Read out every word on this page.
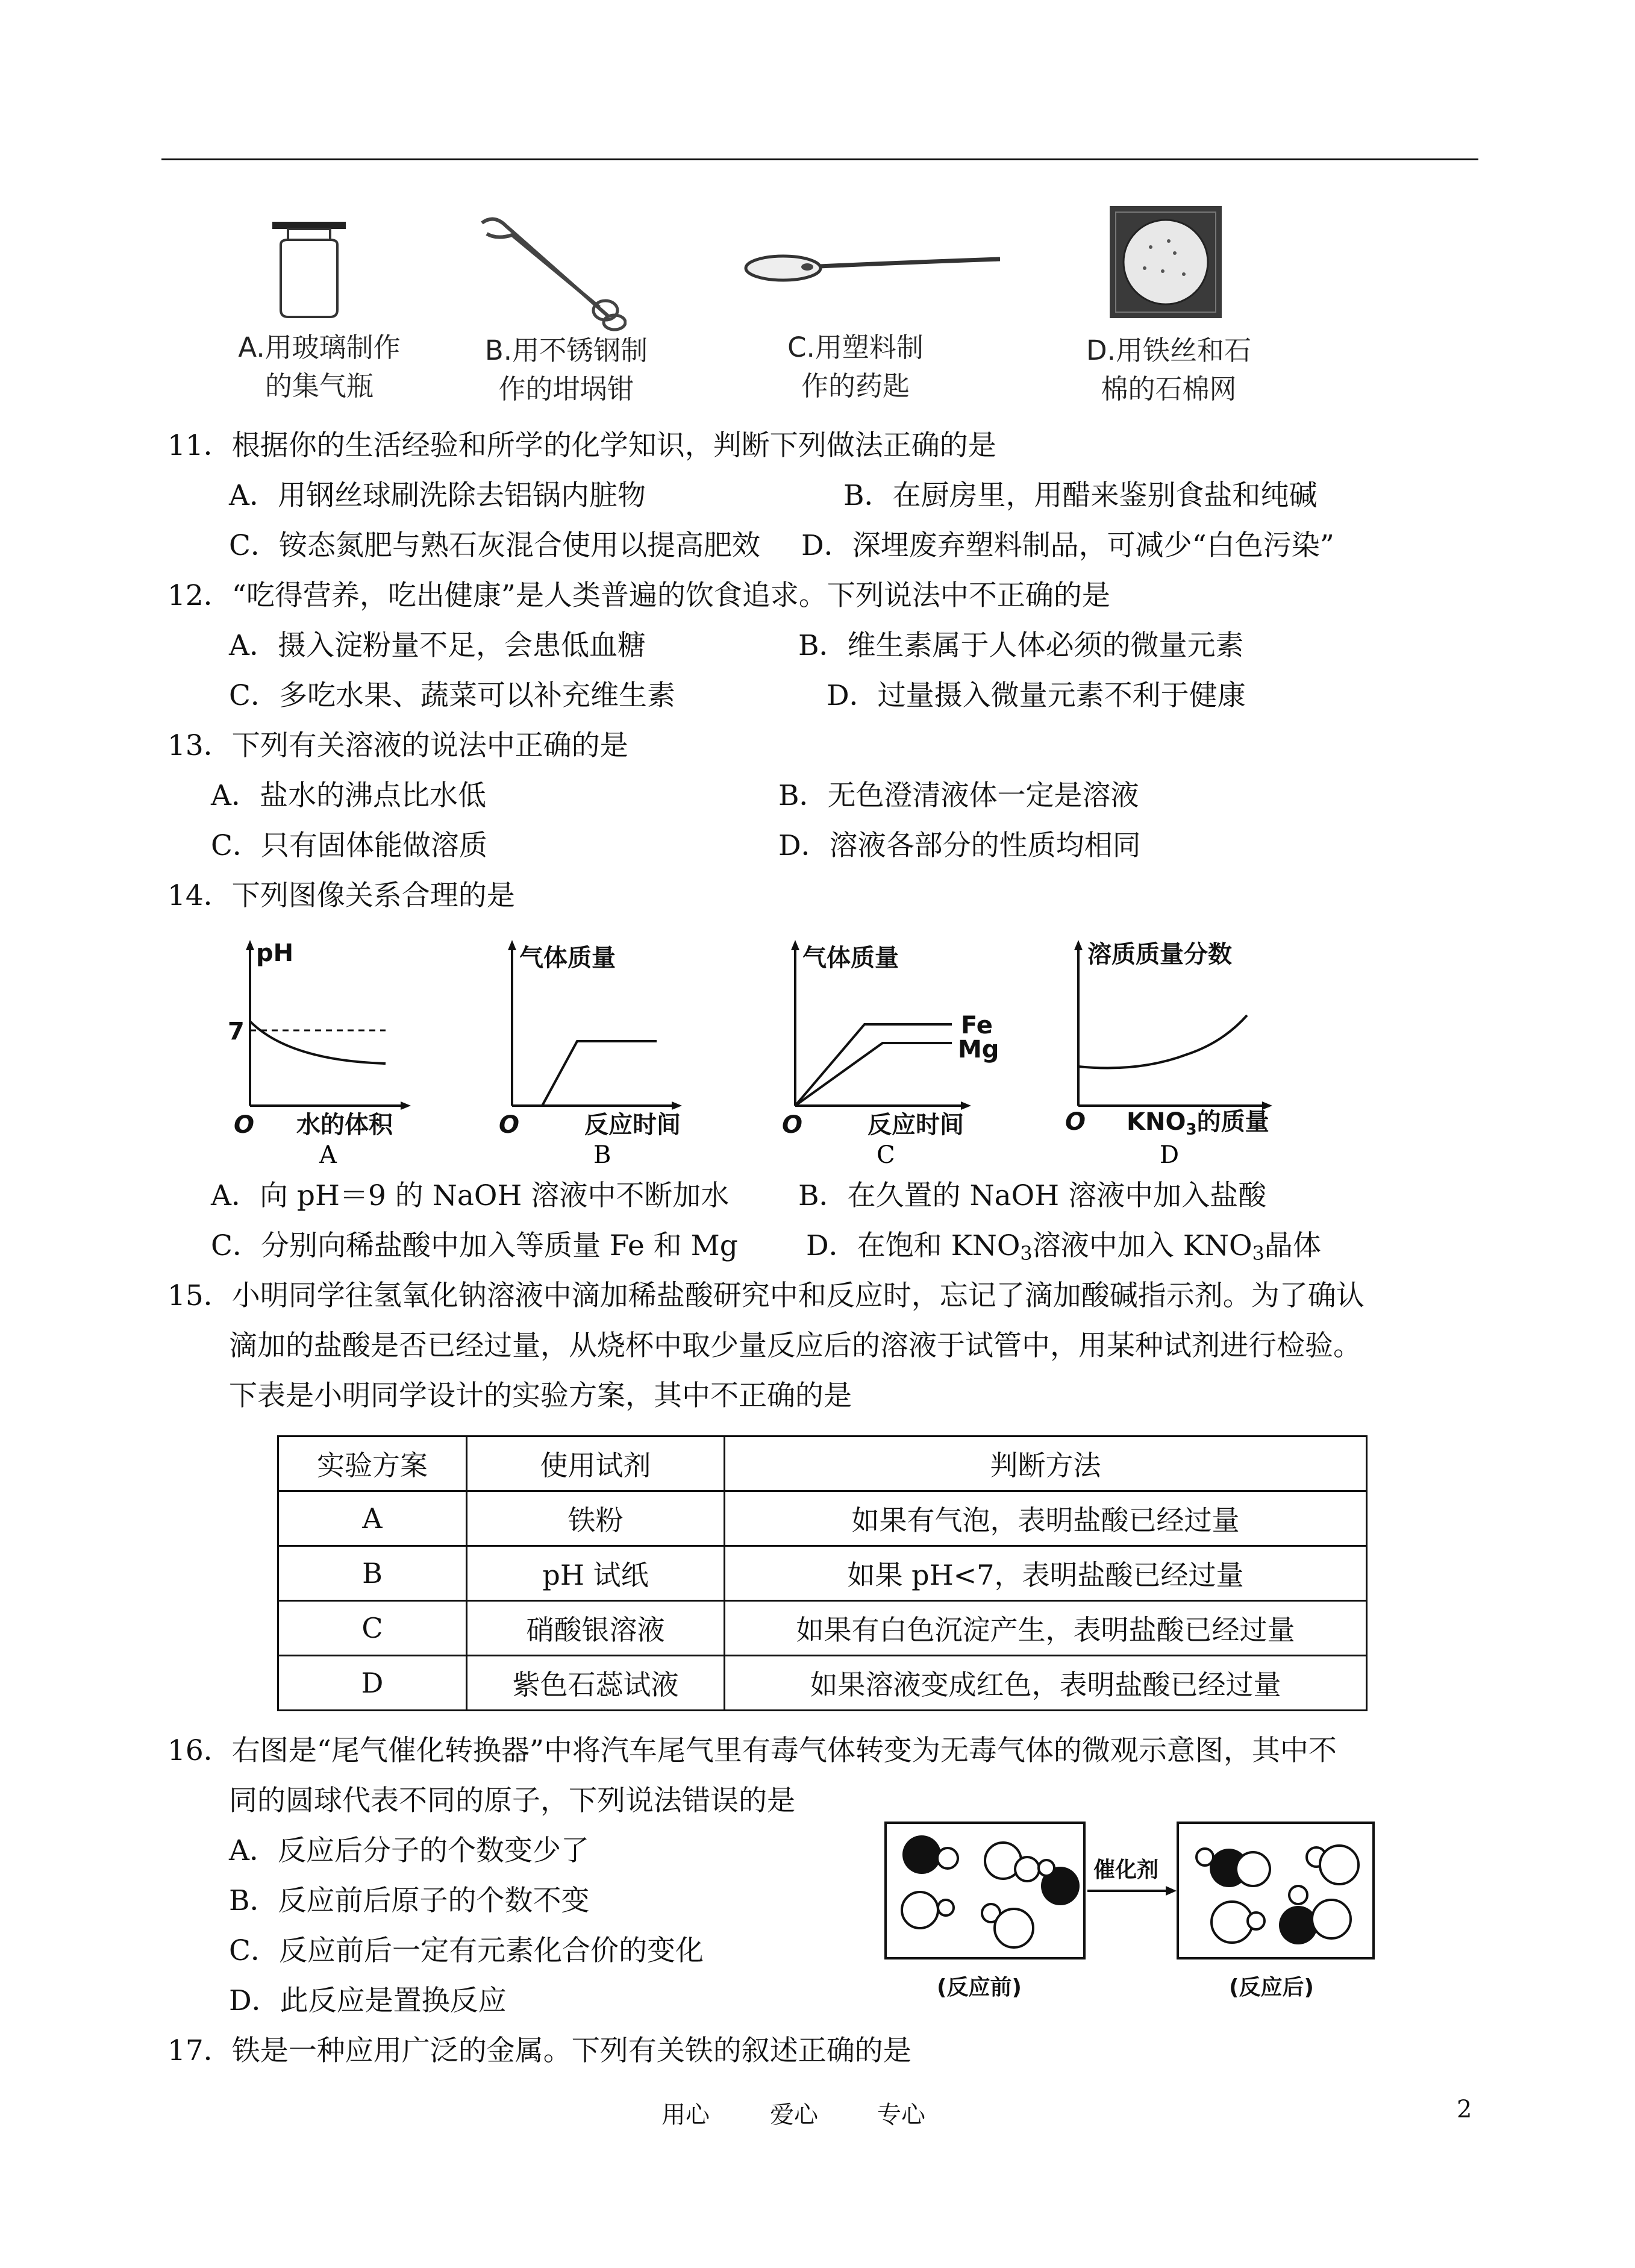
A.用玻璃制作
的集气瓶
B.用不锈钢制
作的坩埚钳
C.用塑料制
作的药匙
D.用铁丝和石
棉的石棉网
11．根据你的生活经验和所学的化学知识，判断下列做法正确的是
A．用钢丝球刷洗除去铝锅内脏物	B．在厨房里，用醋来鉴别食盐和纯碱
C．铵态氮肥与熟石灰混合使用以提高肥效 D．深埋废弃塑料制品，可减少“白色污染”
12．“吃得营养，吃出健康”是人类普遍的饮食追求。下列说法中不正确的是
A．摄入淀粉量不足，会患低血糖	B．维生素属于人体必须的微量元素
C．多吃水果、蔬菜可以补充维生素	D．过量摄入微量元素不利于健康
13．下列有关溶液的说法中正确的是
A．盐水的沸点比水低	B．无色澄清液体一定是溶液
C．只有固体能做溶质	D．溶液各部分的性质均相同
14．下列图像关系合理的是
pH
7
O 水的体积
A
气体质量
O	反应时间
B
气体质量
Fe
Mg
O	反应时间
C
溶质质量分数
O $KNO_3$的质量
D
A．向 pH＝9 的 NaOH 溶液中不断加水 B．在久置的 NaOH 溶液中加入盐酸
C．分别向稀盐酸中加入等质量 Fe 和 Mg D．在饱和 $KNO_3$溶液中加入 $KNO_3$晶体
15．小明同学往氢氧化钠溶液中滴加稀盐酸研究中和反应时，忘记了滴加酸碱指示剂。为了确认
滴加的盐酸是否已经过量，从烧杯中取少量反应后的溶液于试管中，用某种试剂进行检验。
下表是小明同学设计的实验方案，其中不正确的是
实验方案	使用试剂	判断方法
A	铁粉	如果有气泡，表明盐酸已经过量
B	pH 试纸	如果 pH<7，表明盐酸已经过量
C	硝酸银溶液	如果有白色沉淀产生，表明盐酸已经过量
D	紫色石蕊试液	如果溶液变成红色，表明盐酸已经过量
16．右图是“尾气催化转换器”中将汽车尾气里有毒气体转变为无毒气体的微观示意图，其中不
同的圆球代表不同的原子，下列说法错误的是
A．反应后分子的个数变少了
B．反应前后原子的个数不变
C．反应前后一定有元素化合价的变化
D．此反应是置换反应
催化剂
(反应前)	(反应后)
17．铁是一种应用广泛的金属。下列有关铁的叙述正确的是
用心	爱心 专心	2
